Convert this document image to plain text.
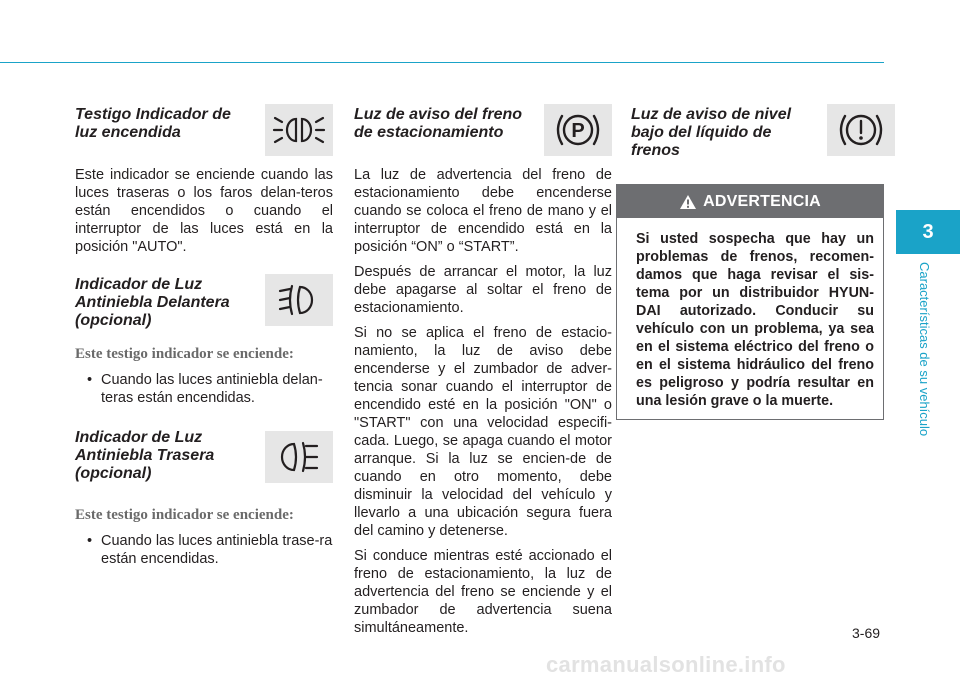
Testigo Indicador de luz encendida

Este indicador se enciende cuando las luces traseras o los faros delan-teros están encendidos o cuando el interruptor de las luces está en la posición "AUTO".

Indicador de Luz Antiniebla Delantera (opcional)
Este testigo indicador se enciende:
• Cuando las luces antiniebla delan-teras están encendidas.
Indicador de Luz Antiniebla Trasera (opcional)
Este testigo indicador se enciende:
• Cuando las luces antiniebla trase-ra están encendidas.
Luz de aviso del freno de estacionamiento	P

La luz de advertencia del freno de estacionamiento debe encenderse cuando se coloca el freno de mano y el interruptor de encendido está en la posición “ON” o “START”.

Después de arrancar el motor, la luz debe apagarse al soltar el freno de estacionamiento.

Si no se aplica el freno de estacio-namiento, la luz de aviso debe encenderse y el zumbador de adver-tencia sonar cuando el interruptor de encendido esté en la posición "ON" o "START" con una velocidad especifi-cada. Luego, se apaga cuando el motor arranque. Si la luz se encien-de de cuando en otro momento, debe disminuir la velocidad del vehículo y llevarlo a una ubicación segura fuera del camino y detenerse.

Si conduce mientras esté accionado el freno de estacionamiento, la luz de advertencia del freno se enciende y el zumbador de advertencia suena simultáneamente.

Luz de aviso de nivel bajo del líquido de frenos
ADVERTENCIA
Si usted sospecha que hay un problemas de frenos, recomen-damos que haga revisar el sis-tema por un distribuidor HYUN-DAI autorizado. Conducir su vehículo con un problema, ya sea en el sistema eléctrico del freno o en el sistema hidráulico del freno es peligroso y podría resultar en una lesión grave o la muerte.
3
Características de su vehículo
3-69
carmanualsonline.info
